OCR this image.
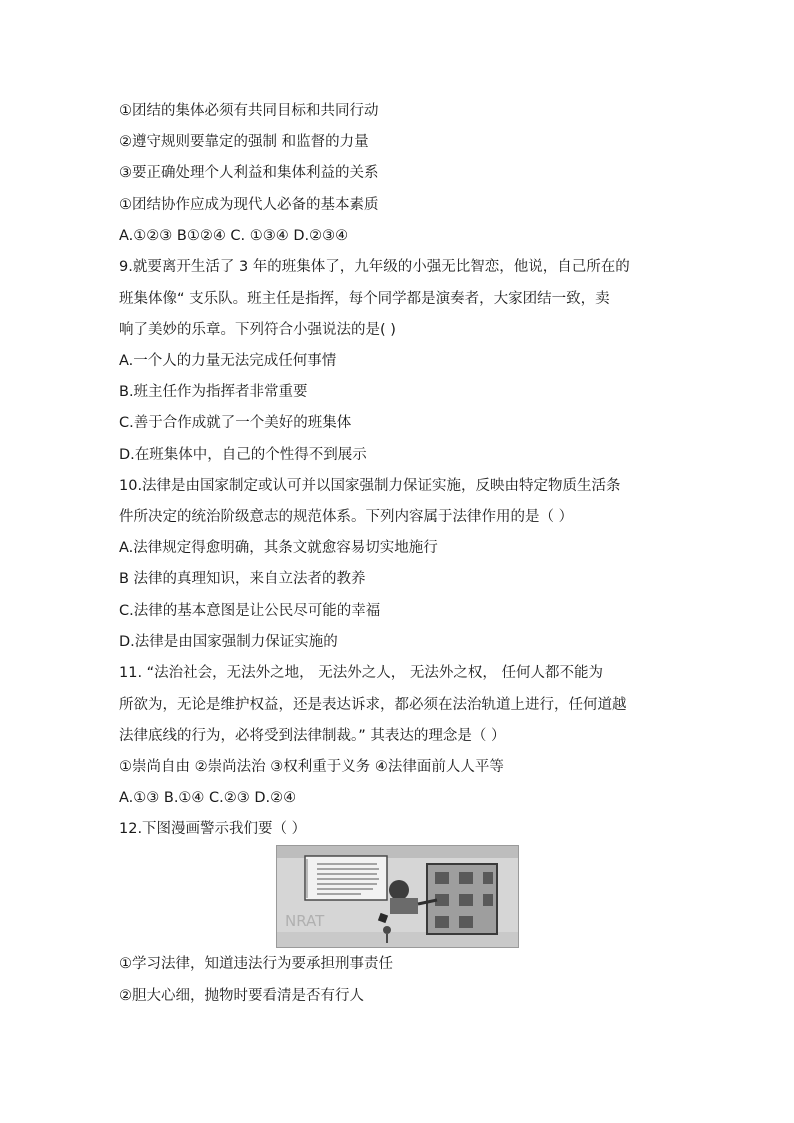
①团结的集体必须有共同目标和共同行动
②遵守规则要靠定的强制 和监督的力量
③要正确处理个人利益和集体利益的关系
①团结协作应成为现代人必备的基本素质
A.①②③ B①②④ C. ①③④ D.②③④
9.就要离开生活了 3 年的班集体了，九年级的小强无比智恋，他说，自己所在的
班集体像“ 支乐队。班主任是指挥，每个同学都是演奏者，大家团结一致，卖
响了美妙的乐章。下列符合小强说法的是( )
A.一个人的力量无法完成任何事情
B.班主任作为指挥者非常重要
C.善于合作成就了一个美好的班集体
D.在班集体中，自己的个性得不到展示
10.法律是由国家制定或认可并以国家强制力保证实施，反映由特定物质生活条
件所决定的统治阶级意志的规范体系。下列内容属于法律作用的是（ ）
A.法律规定得愈明确，其条文就愈容易切实地施行
B 法律的真理知识，来自立法者的教养
C.法律的基本意图是让公民尽可能的幸福
D.法律是由国家强制力保证实施的
11. “法治社会，无法外之地， 无法外之人， 无法外之权， 任何人都不能为
所欲为，无论是维护权益，还是表达诉求，都必须在法治轨道上进行，任何道越
法律底线的行为，必将受到法律制裁。” 其表达的理念是（ ）
①崇尚自由 ②崇尚法治 ③权利重于义务 ④法律面前人人平等
A.①③ B.①④ C.②③ D.②④
12.下图漫画警示我们要（ ）
NRAT
①学习法律，知道违法行为要承担刑事责任
②胆大心细，抛物时要看清是否有行人
